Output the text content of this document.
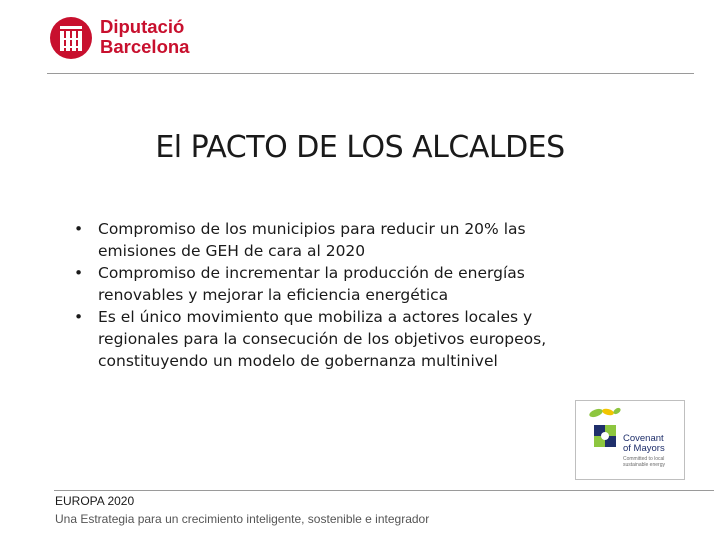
Diputació
Barcelona
El PACTO DE LOS ALCALDES
• Compromiso de los municipios para reducir un 20% las
emisiones de GEH de cara al 2020
• Compromiso de incrementar la producción de energías
renovables y mejorar la eficiencia energética
• Es el único movimiento que mobiliza a actores locales y
regionales para la consecución de los objetivos europeos,
constituyendo un modelo de gobernanza multinivel
Covenant
of Mayors
Committed to local sustainable energy
EUROPA 2020
Una Estrategia para un crecimiento inteligente, sostenible e integrador
